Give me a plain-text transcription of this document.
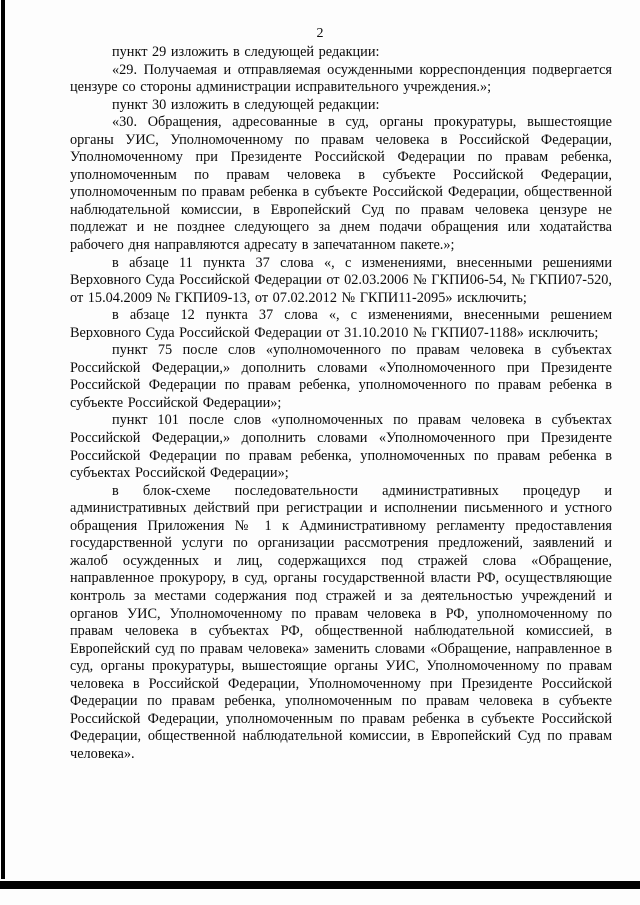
2

пункт 29 изложить в следующей редакции:

«29. Получаемая и отправляемая осужденными корреспонденция подвергается цензуре со стороны администрации исправительного учреждения.»;

пункт 30 изложить в следующей редакции:

«30. Обращения, адресованные в суд, органы прокуратуры, вышестоящие органы УИС, Уполномоченному по правам человека в Российской Федерации, Уполномоченному при Президенте Российской Федерации по правам ребенка, уполномоченным по правам человека в субъекте Российской Федерации, уполномоченным по правам ребенка в субъекте Российской Федерации, общественной наблюдательной комиссии, в Европейский Суд по правам человека цензуре не подлежат и не позднее следующего за днем подачи обращения или ходатайства рабочего дня направляются адресату в запечатанном пакете.»;

в абзаце 11 пункта 37 слова «, с изменениями, внесенными решениями Верховного Суда Российской Федерации от 02.03.2006 № ГКПИ06-54, № ГКПИ07-520, от 15.04.2009 № ГКПИ09-13, от 07.02.2012 № ГКПИ11-2095» исключить;

в абзаце 12 пункта 37 слова «, с изменениями, внесенными решением Верховного Суда Российской Федерации от 31.10.2010 № ГКПИ07-1188» исключить;

пункт 75 после слов «уполномоченного по правам человека в субъектах Российской Федерации,» дополнить словами «Уполномоченного при Президенте Российской Федерации по правам ребенка, уполномоченного по правам ребенка в субъекте Российской Федерации»;

пункт 101 после слов «уполномоченных по правам человека в субъектах Российской Федерации,» дополнить словами «Уполномоченного при Президенте Российской Федерации по правам ребенка, уполномоченных по правам ребенка в субъектах Российской Федерации»;

в блок-схеме последовательности административных процедур и административных действий при регистрации и исполнении письменного и устного обращения Приложения № 1 к Административному регламенту предоставления государственной услуги по организации рассмотрения предложений, заявлений и жалоб осужденных и лиц, содержащихся под стражей слова «Обращение, направленное прокурору, в суд, органы государственной власти РФ, осуществляющие контроль за местами содержания под стражей и за деятельностью учреждений и органов УИС, Уполномоченному по правам человека в РФ, уполномоченному по правам человека в субъектах РФ, общественной наблюдательной комиссией, в Европейский суд по правам человека» заменить словами «Обращение, направленное в суд, органы прокуратуры, вышестоящие органы УИС, Уполномоченному по правам человека в Российской Федерации, Уполномоченному при Президенте Российской Федерации по правам ребенка, уполномоченным по правам человека в субъекте Российской Федерации, уполномоченным по правам ребенка в субъекте Российской Федерации, общественной наблюдательной комиссии, в Европейский Суд по правам человека».
